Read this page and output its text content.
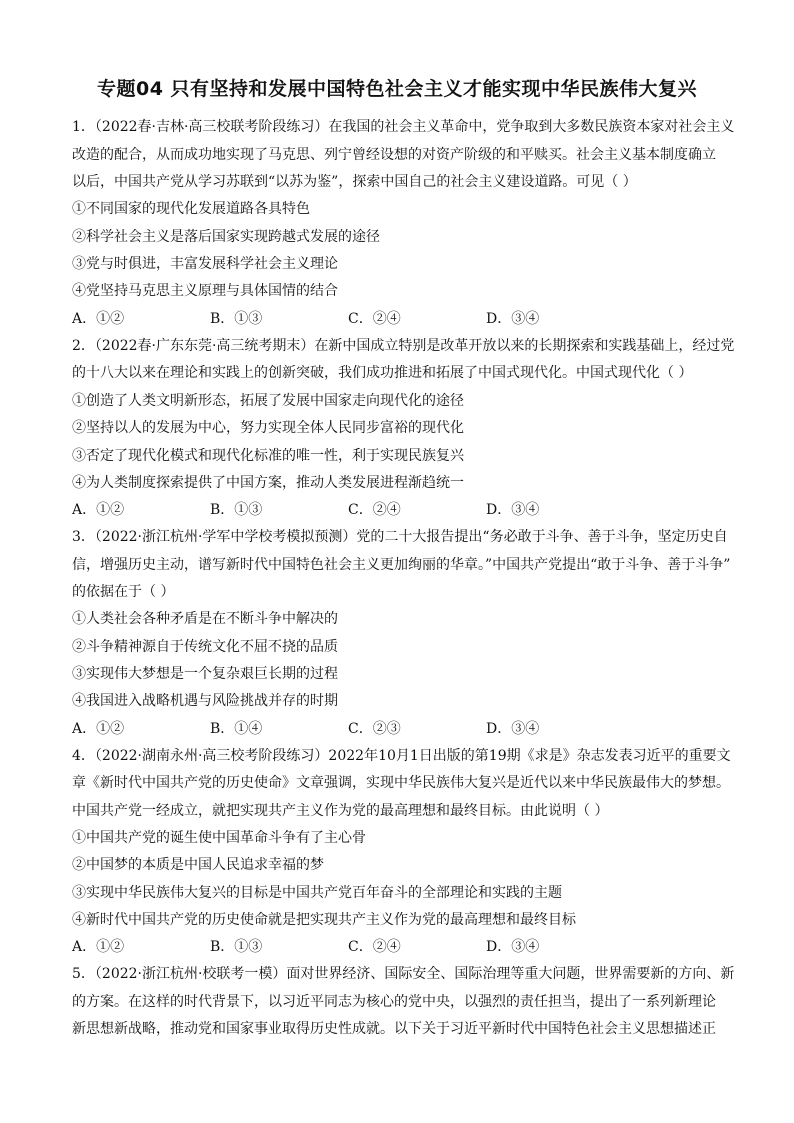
专题04 只有坚持和发展中国特色社会主义才能实现中华民族伟大复兴
1．（2022春·吉林·高三校联考阶段练习）在我国的社会主义革命中，党争取到大多数民族资本家对社会主义
改造的配合，从而成功地实现了马克思、列宁曾经设想的对资产阶级的和平赎买。社会主义基本制度确立
以后，中国共产党从学习苏联到“以苏为鉴”，探索中国自己的社会主义建设道路。可见（ ）
①不同国家的现代化发展道路各具特色
②科学社会主义是落后国家实现跨越式发展的途径
③党与时俱进，丰富发展科学社会主义理论
④党坚持马克思主义原理与具体国情的结合
A．①②	B．①③	C．②④	D．③④
2．（2022春·广东东莞·高三统考期末）在新中国成立特别是改革开放以来的长期探索和实践基础上，经过党
的十八大以来在理论和实践上的创新突破，我们成功推进和拓展了中国式现代化。中国式现代化（ ）
①创造了人类文明新形态，拓展了发展中国家走向现代化的途径
②坚持以人的发展为中心，努力实现全体人民同步富裕的现代化
③否定了现代化模式和现代化标准的唯一性，利于实现民族复兴
④为人类制度探索提供了中国方案，推动人类发展进程渐趋统一
A．①②	B．①③	C．②④	D．③④
3．（2022·浙江杭州·学军中学校考模拟预测）党的二十大报告提出“务必敢于斗争、善于斗争，坚定历史自
信，增强历史主动，谱写新时代中国特色社会主义更加绚丽的华章。”中国共产党提出“敢于斗争、善于斗争”
的依据在于（ ）
①人类社会各种矛盾是在不断斗争中解决的
②斗争精神源自于传统文化不屈不挠的品质
③实现伟大梦想是一个复杂艰巨长期的过程
④我国进入战略机遇与风险挑战并存的时期
A．①②	B．①④	C．②③	D．③④
4．（2022·湖南永州·高三校考阶段练习）2022年10月1日出版的第19期《求是》杂志发表习近平的重要文
章《新时代中国共产党的历史使命》文章强调，实现中华民族伟大复兴是近代以来中华民族最伟大的梦想。
中国共产党一经成立，就把实现共产主义作为党的最高理想和最终目标。由此说明（ ）
①中国共产党的诞生使中国革命斗争有了主心骨
②中国梦的本质是中国人民追求幸福的梦
③实现中华民族伟大复兴的目标是中国共产党百年奋斗的全部理论和实践的主题
④新时代中国共产党的历史使命就是把实现共产主义作为党的最高理想和最终目标
A．①②	B．①③	C．②④	D．③④
5．（2022·浙江杭州·校联考一模）面对世界经济、国际安全、国际治理等重大问题，世界需要新的方向、新
的方案。在这样的时代背景下，以习近平同志为核心的党中央，以强烈的责任担当，提出了一系列新理论
新思想新战略，推动党和国家事业取得历史性成就。以下关于习近平新时代中国特色社会主义思想描述正
